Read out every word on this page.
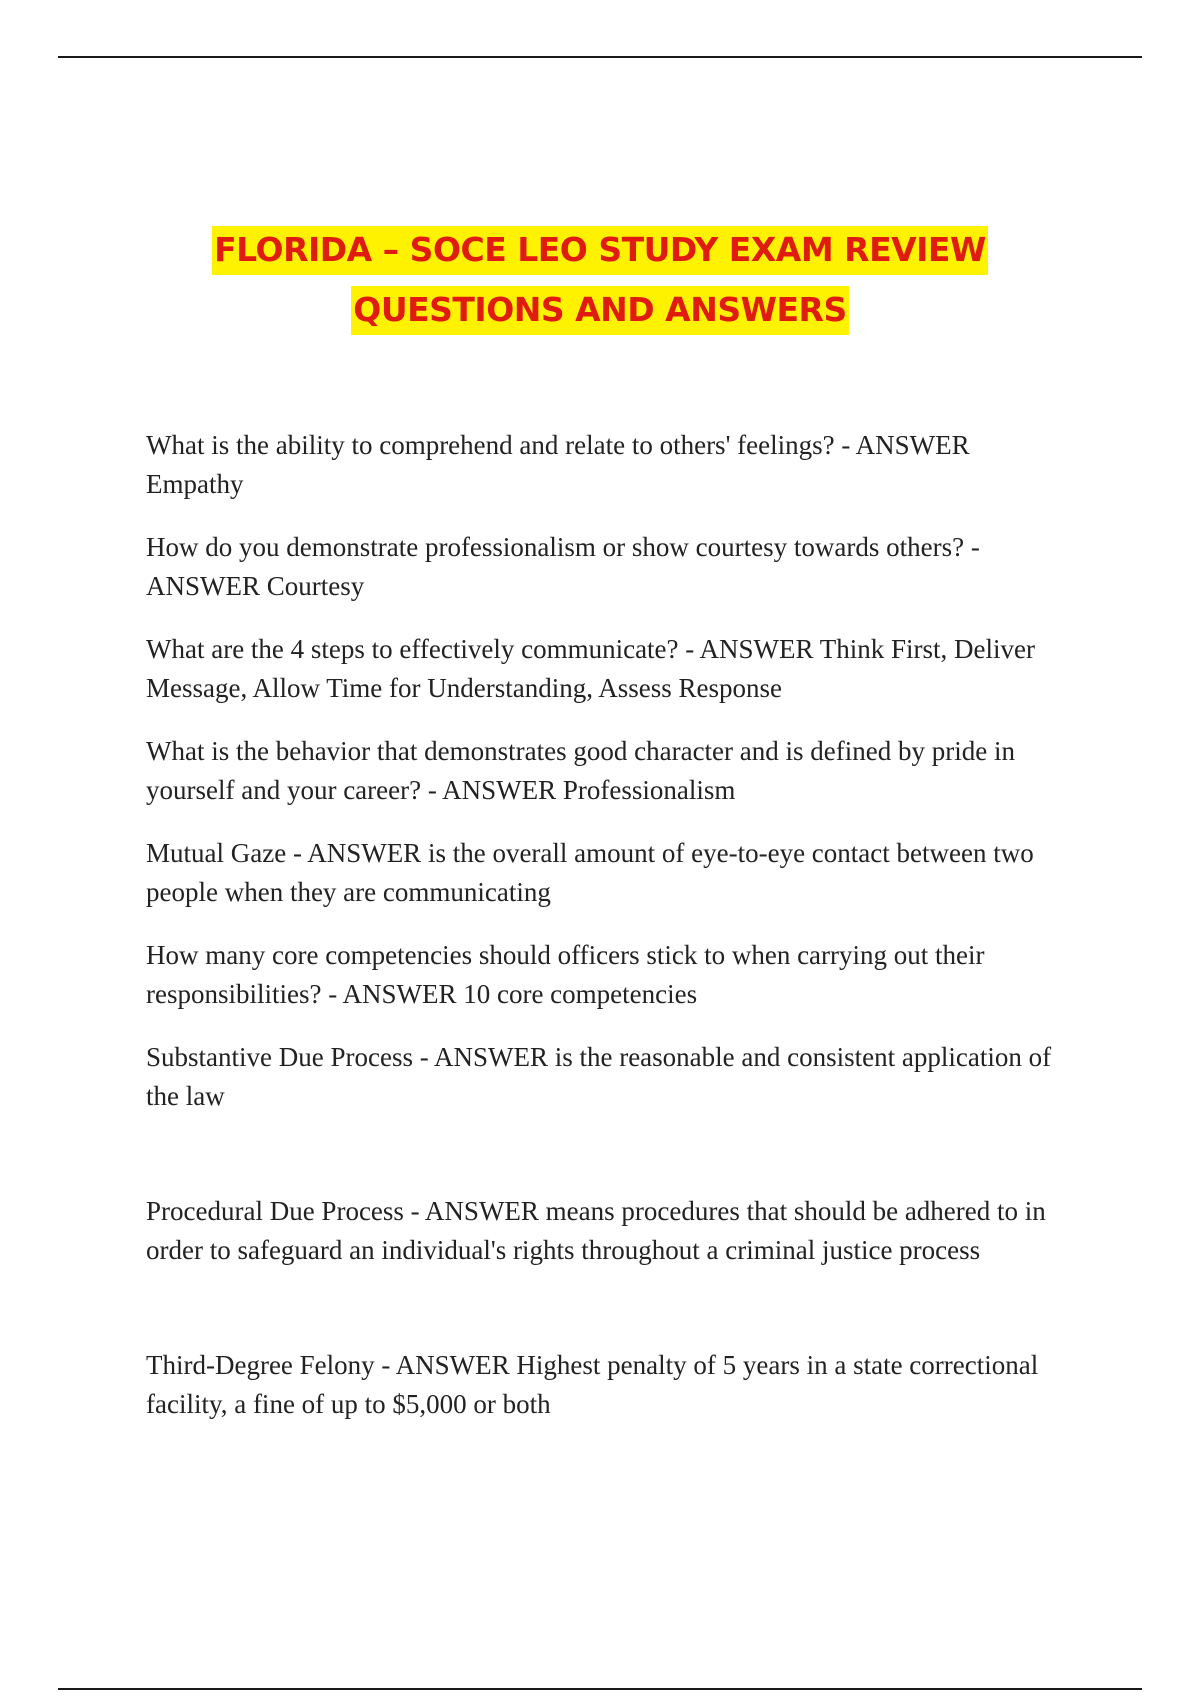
FLORIDA – SOCE LEO STUDY EXAM REVIEW
QUESTIONS AND ANSWERS

What is the ability to comprehend and relate to others' feelings? - ANSWER Empathy

How do you demonstrate professionalism or show courtesy towards others? - ANSWER Courtesy

What are the 4 steps to effectively communicate? - ANSWER Think First, Deliver Message, Allow Time for Understanding, Assess Response

What is the behavior that demonstrates good character and is defined by pride in yourself and your career? - ANSWER Professionalism

Mutual Gaze - ANSWER is the overall amount of eye-to-eye contact between two people when they are communicating

How many core competencies should officers stick to when carrying out their responsibilities? - ANSWER 10 core competencies

Substantive Due Process - ANSWER is the reasonable and consistent application of the law

Procedural Due Process - ANSWER means procedures that should be adhered to in order to safeguard an individual's rights throughout a criminal justice process

Third-Degree Felony - ANSWER Highest penalty of 5 years in a state correctional facility, a fine of up to $5,000 or both
